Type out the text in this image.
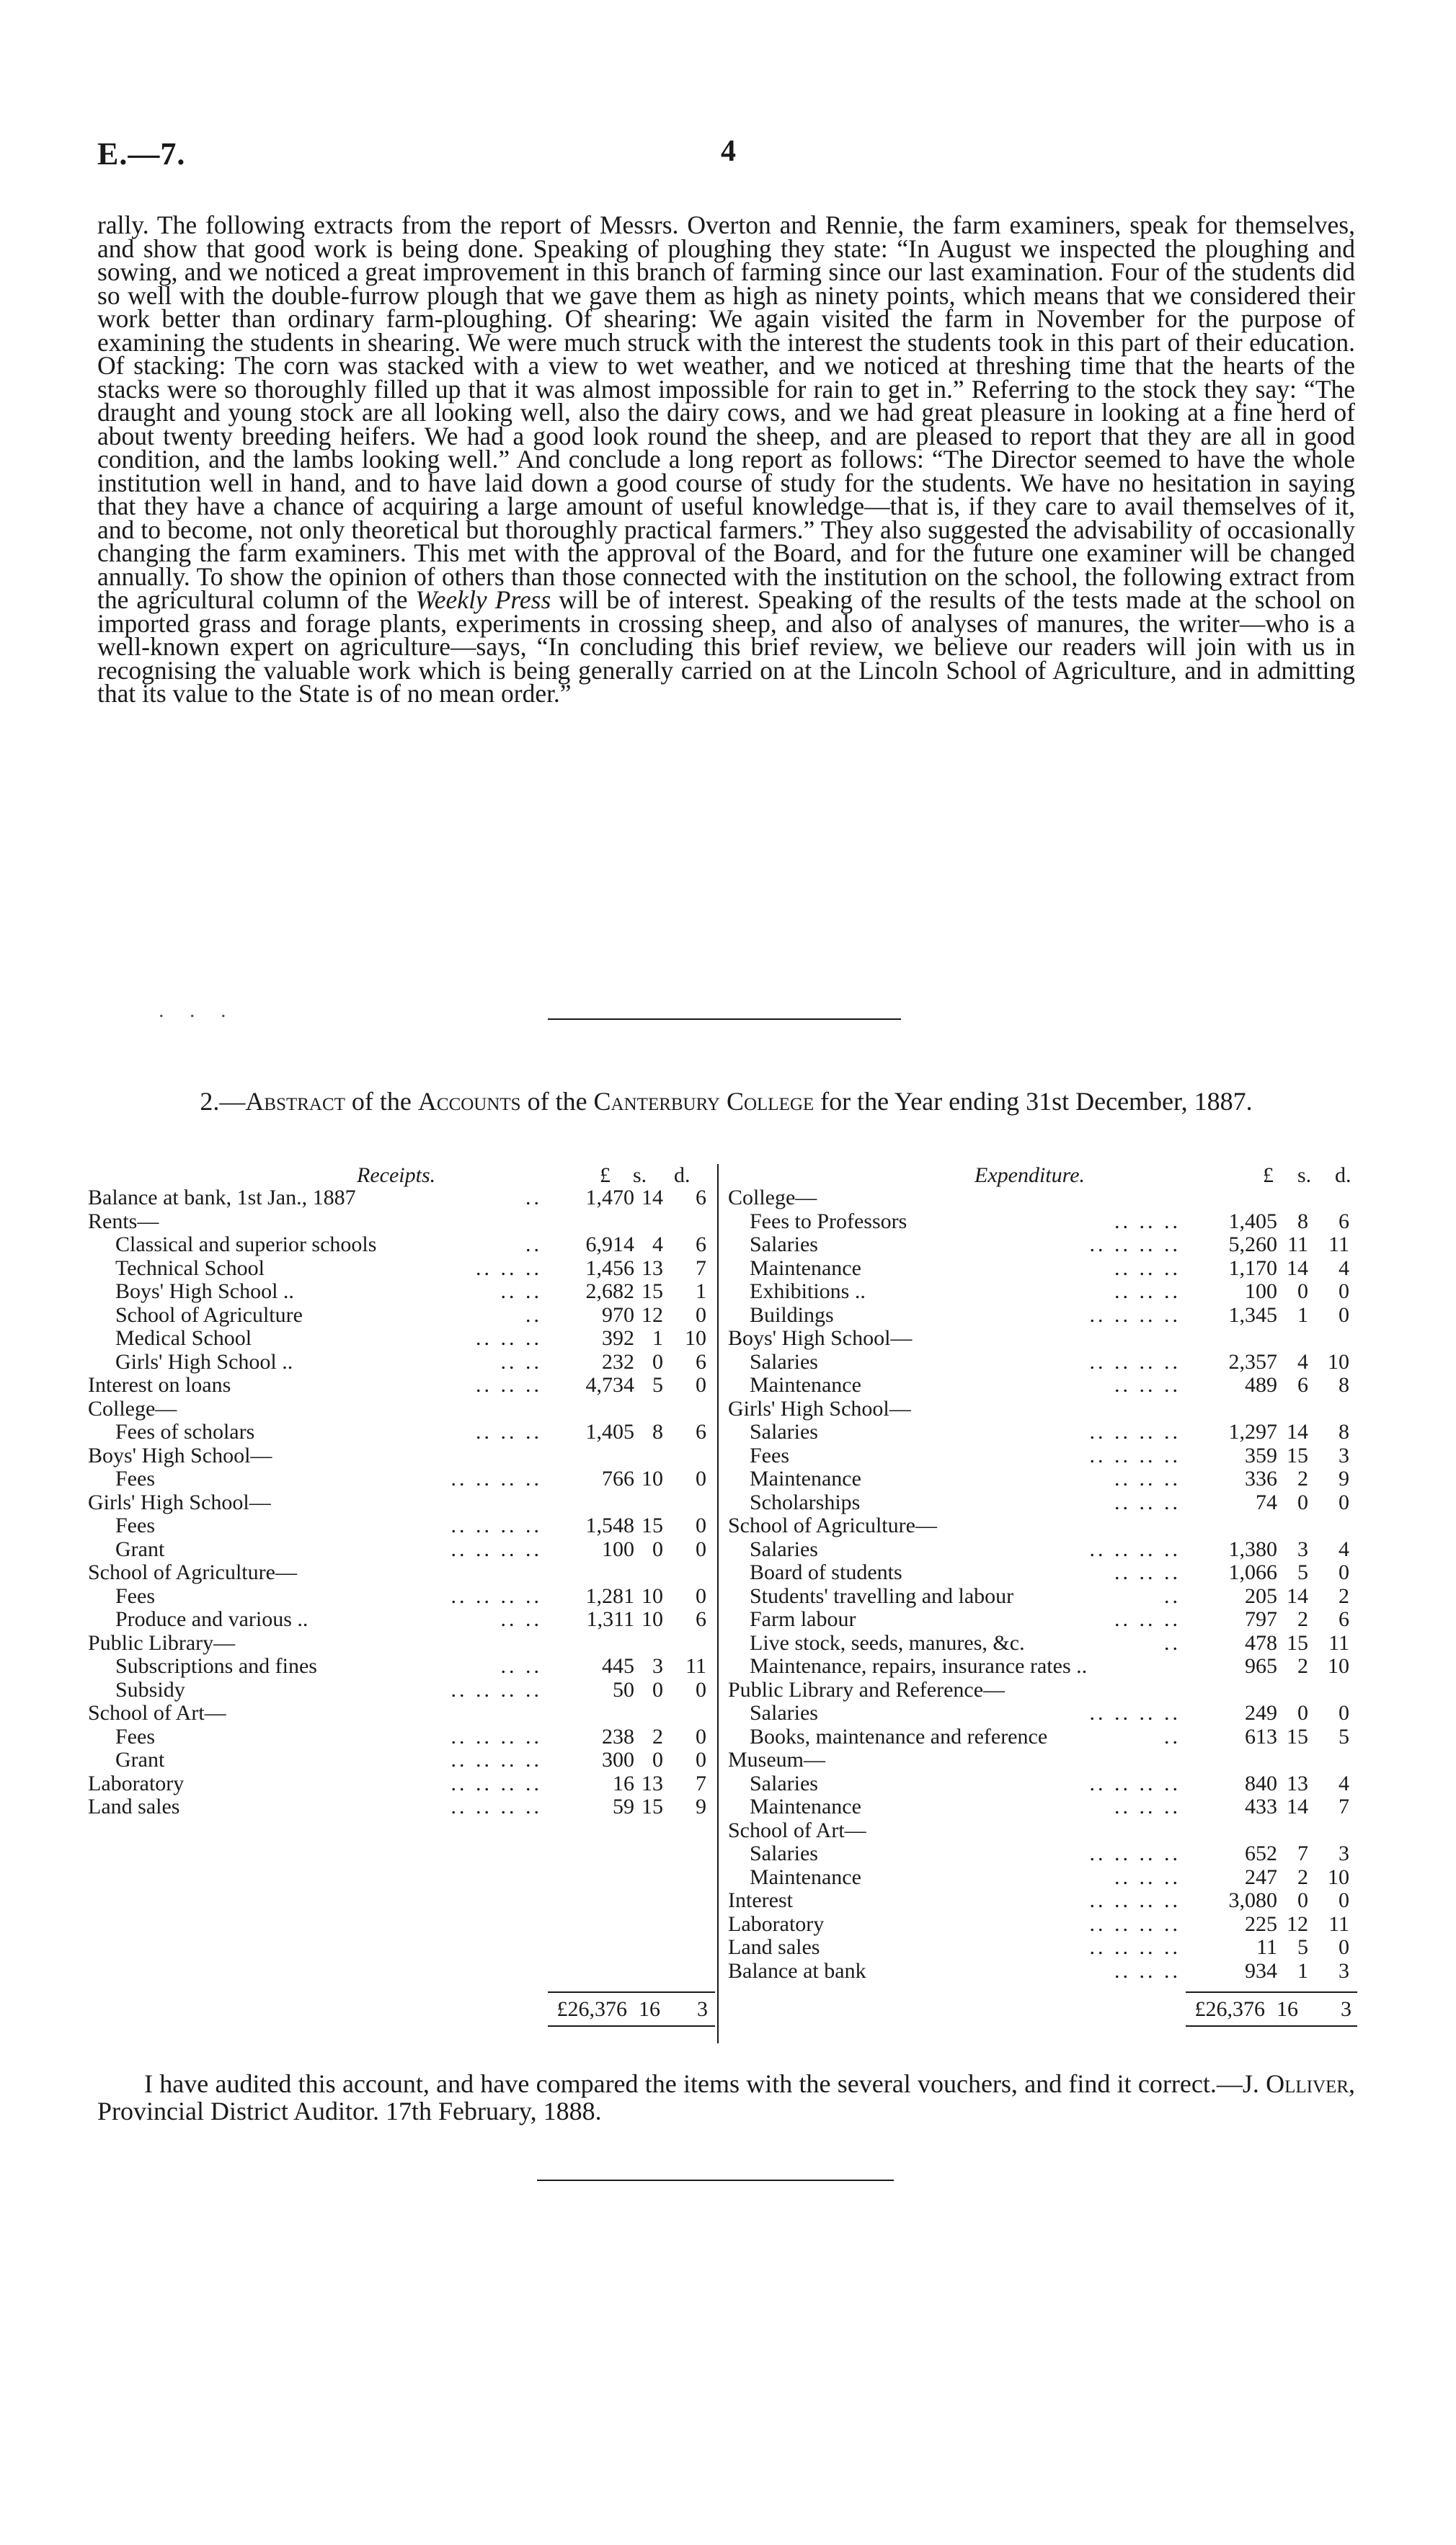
E.—7.	4

rally. The following extracts from the report of Messrs. Overton and Rennie, the farm examiners, speak for themselves, and show that good work is being done. Speaking of ploughing they state: “In August we inspected the ploughing and sowing, and we noticed a great improvement in this branch of farming since our last examination. Four of the students did so well with the double-furrow plough that we gave them as high as ninety points, which means that we considered their work better than ordinary farm-ploughing. Of shearing: We again visited the farm in November for the purpose of examining the students in shearing. We were much struck with the interest the students took in this part of their education. Of stacking: The corn was stacked with a view to wet weather, and we noticed at threshing time that the hearts of the stacks were so thoroughly filled up that it was almost impossible for rain to get in.” Referring to the stock they say: “The draught and young stock are all looking well, also the dairy cows, and we had great pleasure in looking at a fine herd of about twenty breeding heifers. We had a good look round the sheep, and are pleased to report that they are all in good condition, and the lambs looking well.” And conclude a long report as follows: “The Director seemed to have the whole institution well in hand, and to have laid down a good course of study for the students. We have no hesitation in saying that they have a chance of acquiring a large amount of useful knowledge—that is, if they care to avail themselves of it, and to become, not only theoretical but thoroughly practical farmers.” They also suggested the advisability of occasionally changing the farm examiners. This met with the approval of the Board, and for the future one examiner will be changed annually. To show the opinion of others than those connected with the institution on the school, the following extract from the agricultural column of the Weekly Press will be of interest. Speaking of the results of the tests made at the school on imported grass and forage plants, experiments in crossing sheep, and also of analyses of manures, the writer—who is a well-known expert on agriculture—says, “In concluding this brief review, we believe our readers will join with us in recognising the valuable work which is being generally carried on at the Lincoln School of Agriculture, and in admitting that its value to the State is of no mean order.”

. . .
2.—Abstract of the Accounts of the Canterbury College for the Year ending 31st December, 1887.
Receipts.	£ s. d.
Balance at bank, 1st Jan., 1887	..	1,470 14	6
Rents—
Classical and superior schools	..	6,914 4	6
Technical School	.. .. ..	1,456 13	7
Boys' High School ..	.. ..	2,682 15	1
School of Agriculture	..	970 12	0
Medical School	.. .. ..	392 1	10
Girls' High School ..	.. ..	232 0	6
Interest on loans	.. .. ..	4,734 5	0
College—
Fees of scholars	.. .. ..	1,405 8	6
Boys' High School—
Fees	.. .. .. ..	766 10	0
Girls' High School—
Fees	.. .. .. ..	1,548 15	0
Grant	.. .. .. ..	100 0	0
School of Agriculture—
Fees	.. .. .. ..	1,281 10	0
Produce and various ..	.. ..	1,311 10	6
Public Library—
Subscriptions and fines	.. ..	445 3	11
Subsidy	.. .. .. ..	50 0	0
School of Art—
Fees	.. .. .. ..	238 2	0
Grant	.. .. .. ..	300 0	0
Laboratory	.. .. .. ..	16 13	7
Land sales	.. .. .. ..	59 15	9
Expenditure.	£ s. d.
College—
Fees to Professors	.. .. ..	1,405 8	6
Salaries	.. .. .. ..	5,260 11 11
Maintenance	.. .. ..	1,170 14	4
Exhibitions ..	.. .. ..	100 0	0
Buildings	.. .. .. ..	1,345 1	0
Boys' High School—
Salaries	.. .. .. ..	2,357 4 10
Maintenance	.. .. ..	489 6	8
Girls' High School—
Salaries	.. .. .. ..	1,297 14	8
Fees	.. .. .. ..	359 15	3
Maintenance	.. .. ..	336 2	9
Scholarships	.. .. ..	74 0	0
School of Agriculture—
Salaries	.. .. .. ..	1,380 3	4
Board of students	.. .. ..	1,066 5	0
Students' travelling and labour	..	205 14	2
Farm labour	.. .. ..	797 2	6
Live stock, seeds, manures, &c.	..	478 15 11
Maintenance, repairs, insurance rates ..	965 2 10
Public Library and Reference—
Salaries	.. .. .. ..	249 0	0
Books, maintenance and reference	..	613 15	5
Museum—
Salaries	.. .. .. ..	840 13	4
Maintenance	.. .. ..	433 14	7
School of Art—
Salaries	.. .. .. ..	652 7	3
Maintenance	.. .. ..	247 2 10
Interest	.. .. .. ..	3,080 0	0
Laboratory	.. .. .. ..	225 12 11
Land sales	.. .. .. ..	11 5	0
Balance at bank	.. .. ..	934 1	3
£26,376 16	3	£26,376 16	3

I have audited this account, and have compared the items with the several vouchers, and find it correct.—J. Olliver, Provincial District Auditor. 17th February, 1888.
